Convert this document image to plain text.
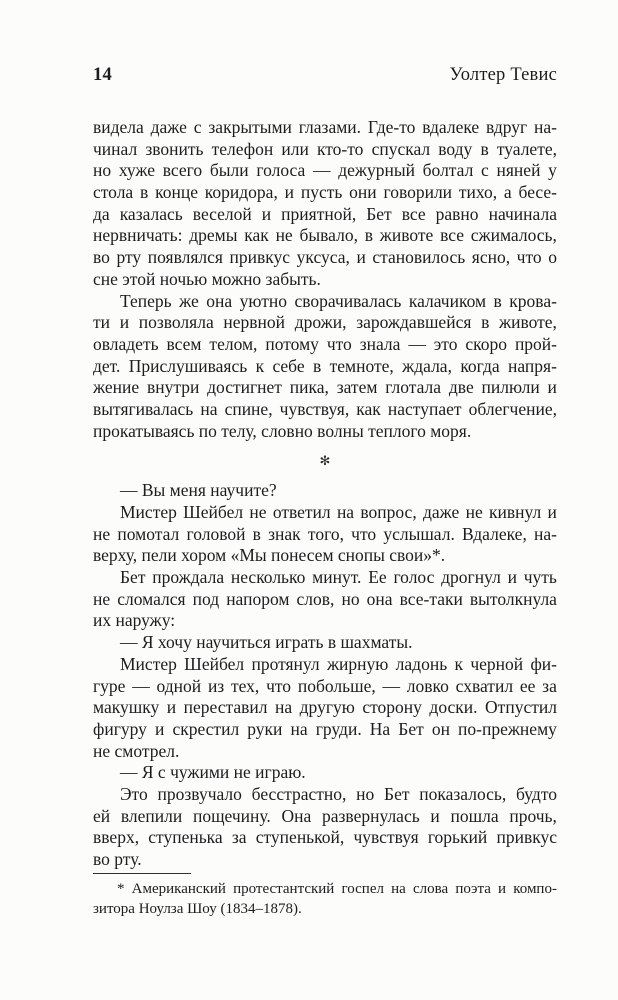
14	Уолтер Тевис
видела даже с закрытыми глазами. Где-то вдалеке вдруг на-
чинал звонить телефон или кто-то спускал воду в туалете,
но хуже всего были голоса — дежурный болтал с няней у
стола в конце коридора, и пусть они говорили тихо, а бесе-
да казалась веселой и приятной, Бет все равно начинала
нервничать: дремы как не бывало, в животе все сжималось,
во рту появлялся привкус уксуса, и становилось ясно, что о
сне этой ночью можно забыть.
Теперь же она уютно сворачивалась калачиком в крова-
ти и позволяла нервной дрожи, зарождавшейся в животе,
овладеть всем телом, потому что знала — это скоро прой-
дет. Прислушиваясь к себе в темноте, ждала, когда напря-
жение внутри достигнет пика, затем глотала две пилюли и
вытягивалась на спине, чувствуя, как наступает облегчение,
прокатываясь по телу, словно волны теплого моря.
✻
— Вы меня научите?
Мистер Шейбел не ответил на вопрос, даже не кивнул и
не помотал головой в знак того, что услышал. Вдалеке, на-
верху, пели хором «Мы понесем снопы свои»*.
Бет прождала несколько минут. Ее голос дрогнул и чуть
не сломался под напором слов, но она все-таки вытолкнула
их наружу:
— Я хочу научиться играть в шахматы.
Мистер Шейбел протянул жирную ладонь к черной фи-
гуре — одной из тех, что побольше, — ловко схватил ее за
макушку и переставил на другую сторону доски. Отпустил
фигуру и скрестил руки на груди. На Бет он по-прежнему
не смотрел.
— Я с чужими не играю.
Это прозвучало бесстрастно, но Бет показалось, будто
ей влепили пощечину. Она развернулась и пошла прочь,
вверх, ступенька за ступенькой, чувствуя горький привкус
во рту.
* Американский протестантский госпел на слова поэта и компо-
зитора Ноулза Шоу (1834–1878).
